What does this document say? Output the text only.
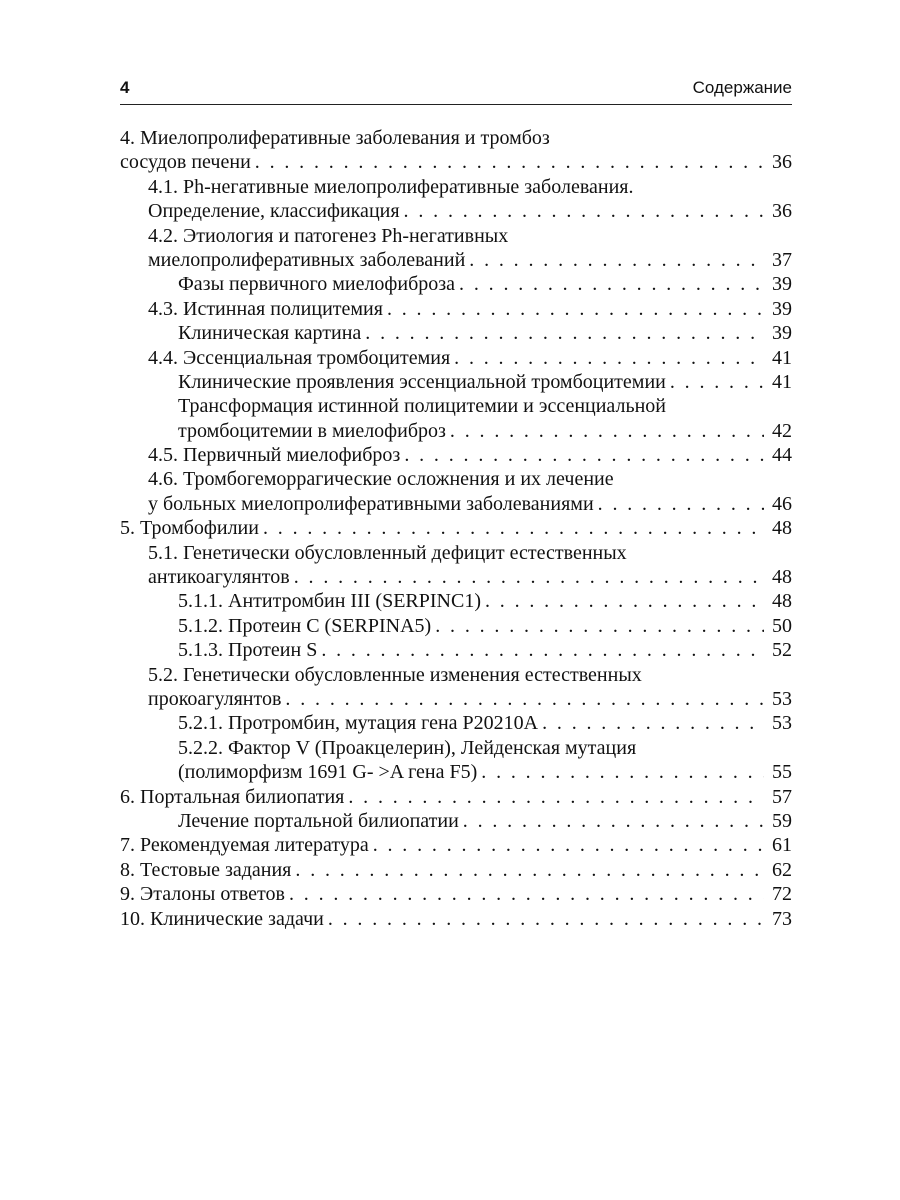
4	Содержание
4. Миелопролиферативные заболевания и тромбоз
сосудов печени . . .	36
4.1. Ph-негативные миелопролиферативные заболевания.
Определение, классификация . . .	36
4.2. Этиология и патогенез Ph-негативных
миелопролиферативных заболеваний . . .	37
Фазы первичного миелофиброза . . .	39
4.3. Истинная полицитемия . . .	39
Клиническая картина . . .	39
4.4. Эссенциальная тромбоцитемия . . .	41
Клинические проявления эссенциальной тромбоцитемии . . .	41
Трансформация истинной полицитемии и эссенциальной
тромбоцитемии в миелофиброз . . .	42
4.5. Первичный миелофиброз . . .	44
4.6. Тромбогеморрагические осложнения и их лечение
у больных миелопролиферативными заболеваниями . . .	46
5. Тромбофилии . . .	48
5.1. Генетически обусловленный дефицит естественных
антикоагулянтов . . .	48
5.1.1. Антитромбин III (SERPINC1) . . .	48
5.1.2. Протеин C (SERPINA5) . . .	50
5.1.3. Протеин S . . .	52
5.2. Генетически обусловленные изменения естественных
прокоагулянтов . . .	53
5.2.1. Протромбин, мутация гена P20210A . . .	53
5.2.2. Фактор V (Проакцелерин), Лейденская мутация
(полиморфизм 1691 G- >A гена F5) . . .	55
6. Портальная билиопатия . . .	57
Лечение портальной билиопатии . . .	59
7. Рекомендуемая литература . . .	61
8. Тестовые задания . . .	62
9. Эталоны ответов . . .	72
10. Клинические задачи . . .	73
